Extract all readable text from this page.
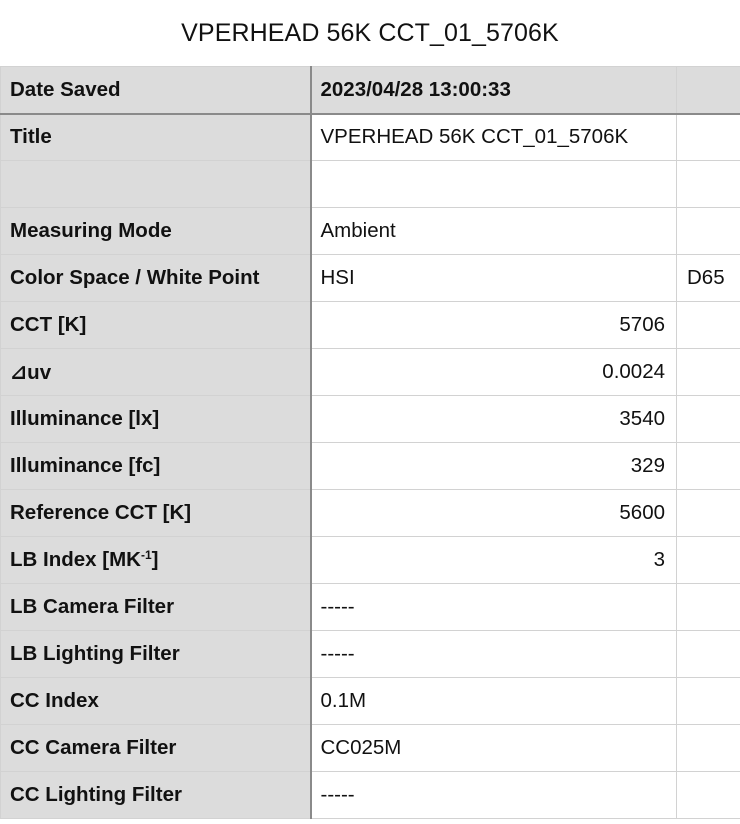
VPERHEAD 56K CCT_01_5706K
Date Saved	2023/04/28 13:00:33	
Title	VPERHEAD 56K CCT_01_5706K	

Measuring Mode	Ambient	
Color Space / White Point	HSI	D65
CCT [K]	5706	
⊿uv	0.0024	
Illuminance [lx]	3540	
Illuminance [fc]	329	
Reference CCT [K]	5600	
LB Index $[MK^{-1}]$	3	
LB Camera Filter	-----	
LB Lighting Filter	-----	
CC Index	0.1M	
CC Camera Filter	CC025M	
CC Lighting Filter	-----	
